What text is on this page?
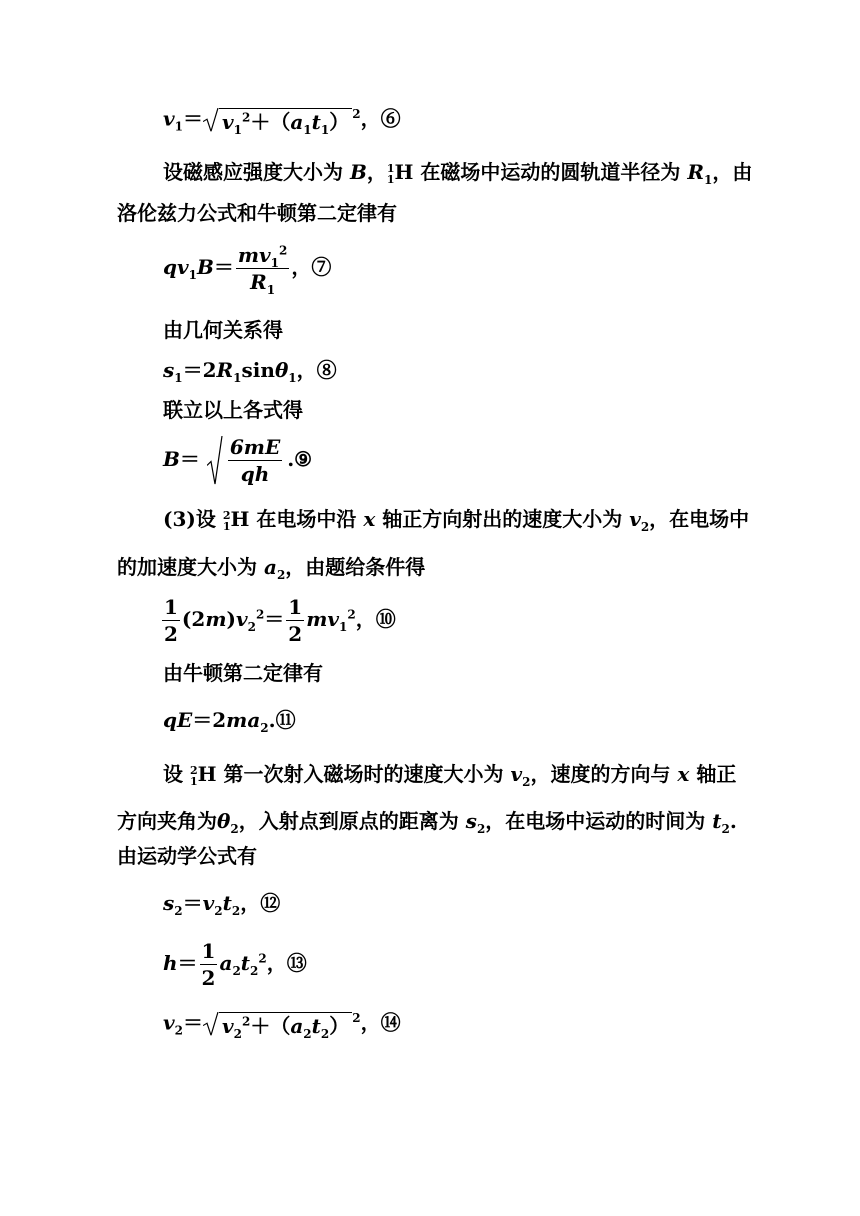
$v_1= v_1^2+(a_1t_1)$ $^2$，⑥
设磁感应强度大小为 B， 1
1 H 在磁场中运动的圆轨道半径为 $R_1$，由
洛伦兹力公式和牛顿第二定律有
$qv_1B= \frac{mv_1^2}{R_1}$ ，⑦
由几何关系得
$s_1=2R_1\sin\theta_1$，⑧
联立以上各式得
$B= \frac{6mE}{qh}$ .⑨
(3)设 2
1 H 在电场中沿 x 轴正方向射出的速度大小为 $v_2$，在电场中
的加速度大小为 $a_2$，由题给条件得
$\frac{1}{2} (2m)v_2^2= \frac{1}{2} mv_1^2$，⑩
由牛顿第二定律有
$qE=2ma_2.⑪$
设 2
1 H 第一次射入磁场时的速度大小为 $v_2$，速度的方向与 x 轴正
方向夹角为$\theta_2$，入射点到原点的距离为 $s_2$，在电场中运动的时间为 $t_2$.
由运动学公式有
$s_2=v_2t_2$，⑫
$h= \frac{1}{2} a_2t_2^2$，⑬
$v_2= v_2^2+(a_2t_2)$ $^2$，⑭
